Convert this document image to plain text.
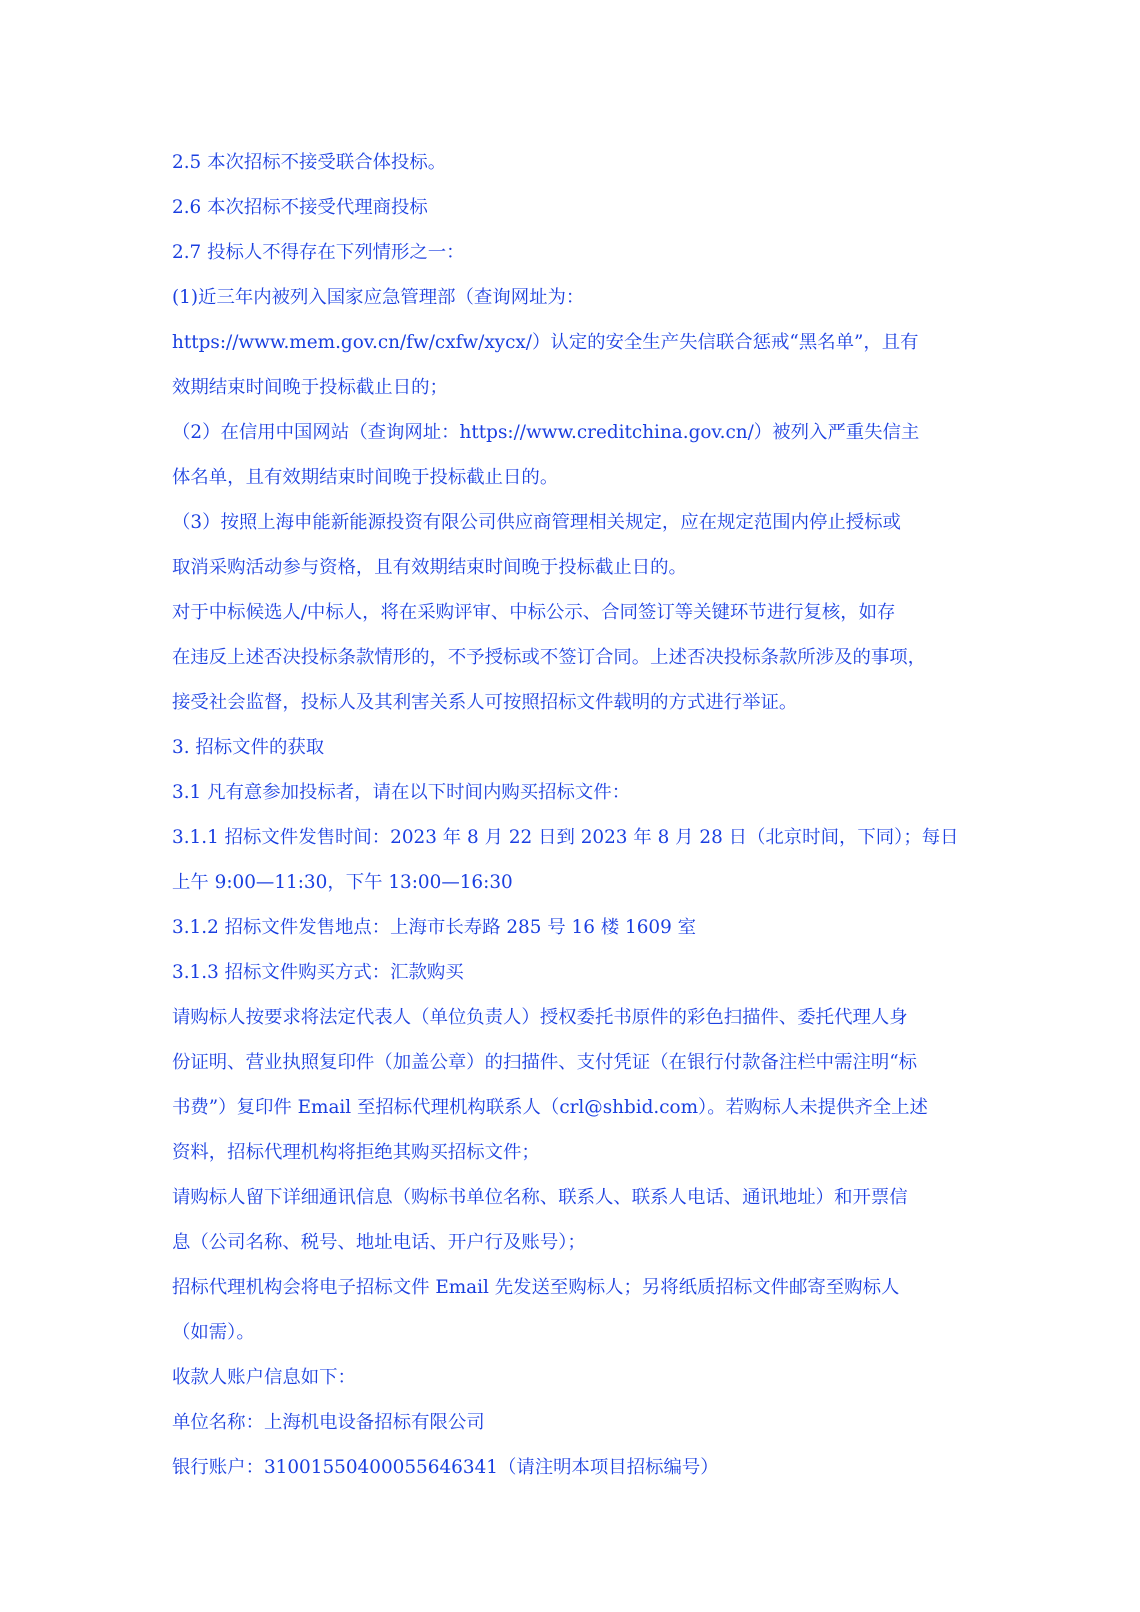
2.5 本次招标不接受联合体投标。
2.6 本次招标不接受代理商投标
2.7 投标人不得存在下列情形之一：
(1)近三年内被列入国家应急管理部（查询网址为：
https://www.mem.gov.cn/fw/cxfw/xycx/）认定的安全生产失信联合惩戒“黑名单”，且有
效期结束时间晚于投标截止日的；
（2）在信用中国网站（查询网址：https://www.creditchina.gov.cn/）被列入严重失信主
体名单，且有效期结束时间晚于投标截止日的。
（3）按照上海申能新能源投资有限公司供应商管理相关规定，应在规定范围内停止授标或
取消采购活动参与资格，且有效期结束时间晚于投标截止日的。
对于中标候选人/中标人，将在采购评审、中标公示、合同签订等关键环节进行复核，如存
在违反上述否决投标条款情形的，不予授标或不签订合同。上述否决投标条款所涉及的事项，
接受社会监督，投标人及其利害关系人可按照招标文件载明的方式进行举证。
3. 招标文件的获取
3.1 凡有意参加投标者，请在以下时间内购买招标文件：
3.1.1 招标文件发售时间：2023 年 8 月 22 日到 2023 年 8 月 28 日（北京时间，下同）；每日
上午 9:00—11:30，下午 13:00—16:30
3.1.2 招标文件发售地点：上海市长寿路 285 号 16 楼 1609 室
3.1.3 招标文件购买方式：汇款购买
请购标人按要求将法定代表人（单位负责人）授权委托书原件的彩色扫描件、委托代理人身
份证明、营业执照复印件（加盖公章）的扫描件、支付凭证（在银行付款备注栏中需注明“标
书费”）复印件 Email 至招标代理机构联系人（crl@shbid.com）。若购标人未提供齐全上述
资料，招标代理机构将拒绝其购买招标文件；
请购标人留下详细通讯信息（购标书单位名称、联系人、联系人电话、通讯地址）和开票信
息（公司名称、税号、地址电话、开户行及账号）；
招标代理机构会将电子招标文件 Email 先发送至购标人；另将纸质招标文件邮寄至购标人
（如需）。
收款人账户信息如下：
单位名称：上海机电设备招标有限公司
银行账户：31001550400055646341（请注明本项目招标编号）
